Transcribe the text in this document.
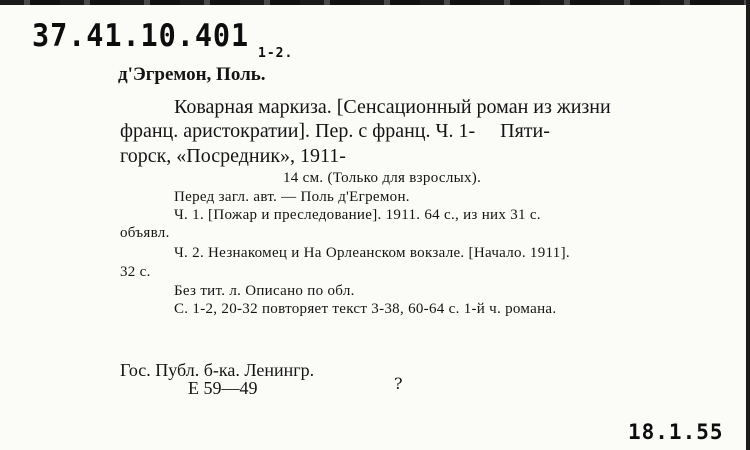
37.41.10.401 1-2.
д'Эгремон, Поль.
Коварная маркиза. [Сенсационный роман из жизни
франц. аристократии]. Пер. с франц. Ч. 1-     Пяти-
горск, «Посредник», 1911-
14 см. (Только для взрослых).
Перед загл. авт. — Поль д'Егремон.
Ч. 1. [Пожар и преследование]. 1911. 64 с., из них 31 с.
объявл.
Ч. 2. Незнакомец и На Орлеанском вокзале. [Начало. 1911].
32 с.
Без тит. л. Описано по обл.
С. 1-2, 20-32 повторяет текст 3-38, 60-64 с. 1-й ч. романа.
Гос. Публ. б-ка. Ленингр.
Е 59—49	?
18.1.55
